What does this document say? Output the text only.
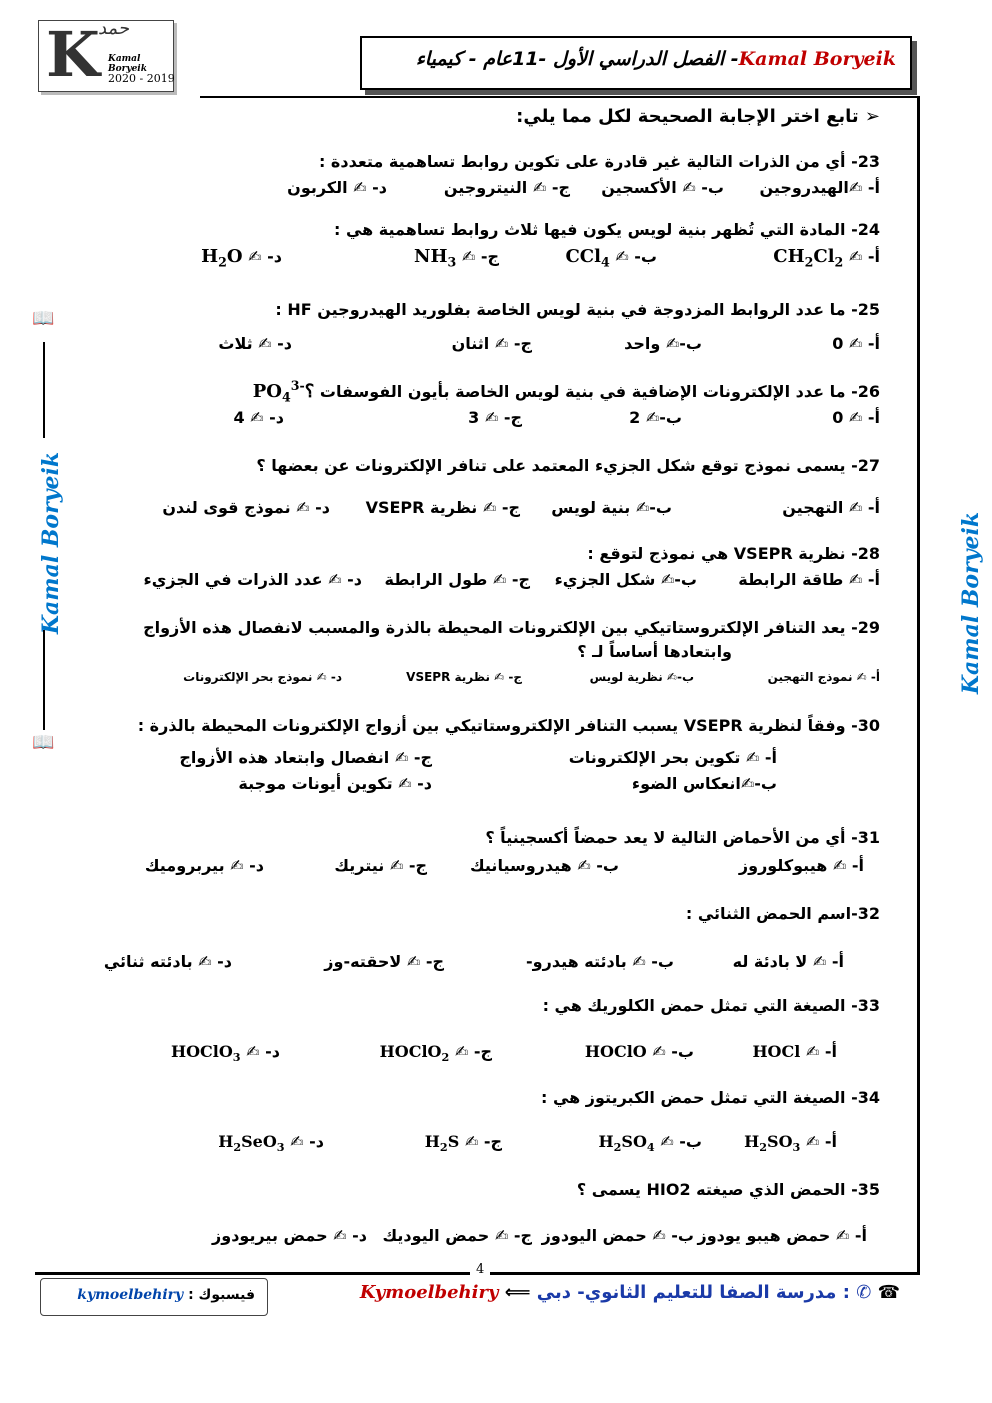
K
حمد
Kamal Boryeik
2020 - 2019
Kamal Boryeik- الفصل الدراسي الأول -11عام - كيمياء
📖
📖
Kamal Boryeik	Kamal Boryeik
➢ تابع اختر الإجابة الصحيحة لكل مما يلي:
23- أي من الذرات التالية غير قادرة على تكوين روابط تساهمية متعددة :
أ- ✍الهيدروجين
ب- ✍ الأكسجين
ج- ✍ النيتروجين
د- ✍ الكربون
24- المادة التي تُظهر بنية لويس يكون فيها ثلاث روابط تساهمية هي :
أ- ✍ $CH_2Cl_2$
ب- ✍ CCl$_4$
ج- ✍ $NH_3$
د- ✍ $H_2O$
25- ما عدد الروابط المزدوجة في بنية لويس الخاصة بفلوريد الهيدروجين HF :
أ- ✍ 0
ب-✍ واحد
ج- ✍ اثنان
د- ✍ ثلاث
26- ما عدد الإلكترونات الإضافية في بنية لويس الخاصة بأيون الفوسفات $PO_4^{3-}؟$
أ- ✍ 0
ب-✍ 2
ج- ✍ 3
د- ✍ 4
27- يسمى نموذج توقع شكل الجزيء المعتمد على تنافر الإلكترونات عن بعضها ؟
أ- ✍ التهجين
ب-✍ بنية لويس
ج- ✍ نظرية VSEPR
د- ✍ نموذج قوى لندن
28- نظرية VSEPR هي نموذج لتوقع :
أ- ✍ طاقة الرابطة
ب-✍ شكل الجزيء
ج- ✍ طول الرابطة
د- ✍ عدد الذرات في الجزيء
29- يعد التنافر الإلكتروستاتيكي بين الإلكترونات المحيطة بالذرة والمسبب لانفصال هذه الأزواج
وابتعادها أساساً لـ ؟
أ- ✍ نموذج التهجين
ب-✍ نظرية لويس
ج- ✍ نظرية VSEPR
د- ✍ نموذج بحر الإلكترونات
30- وفقاً لنظرية VSEPR يسبب التنافر الإلكتروستاتيكي بين أزواج الإلكترونات المحيطة بالذرة :
أ- ✍ تكوين بحر الإلكترونات
ب-✍انعكاس الضوء
ج- ✍ انفصال وابتعاد هذه الأزواج
د- ✍ تكوين أيونات موجبة
31- أي من الأحماض التالية لا يعد حمضاً أكسجينياً ؟
أ- ✍ هيبوكلوروز
ب- ✍ هيدروسيانيك
ج- ✍ نيتريك
د- ✍ بيربروميك
32-اسم الحمض الثنائي :
أ- ✍ لا بادئة له
ب- ✍ بادئته هيدرو-
ج- ✍ لاحقته-وز
د- ✍ بادئته ثنائي
33- الصيغة التي تمثل حمض الكلوريك هي :
أ- ✍ HOCl
ب- ✍ HOClO
ج- ✍ HOClO$_2$
د- ✍ HOClO$_3$
34- الصيغة التي تمثل حمض الكبريتوز هي :
أ- ✍ $H_2SO_3$
ب- ✍ $H_2SO_4$
ج- ✍ $H_2S$
د- ✍ $H_2SeO_3$
35- الحمض الذي صيغته HIO2 يسمى ؟
أ- ✍ حمض هيبو يودوز
ب- ✍ حمض اليودوز
ج- ✍ حمض اليوديك
د- ✍ حمض بيريودوز
4
فيسبوك : kymoelbehiry	☎ ✆ : مدرسة الصفا للتعليم الثانوي- دبي ⟸ Kymoelbehiry
